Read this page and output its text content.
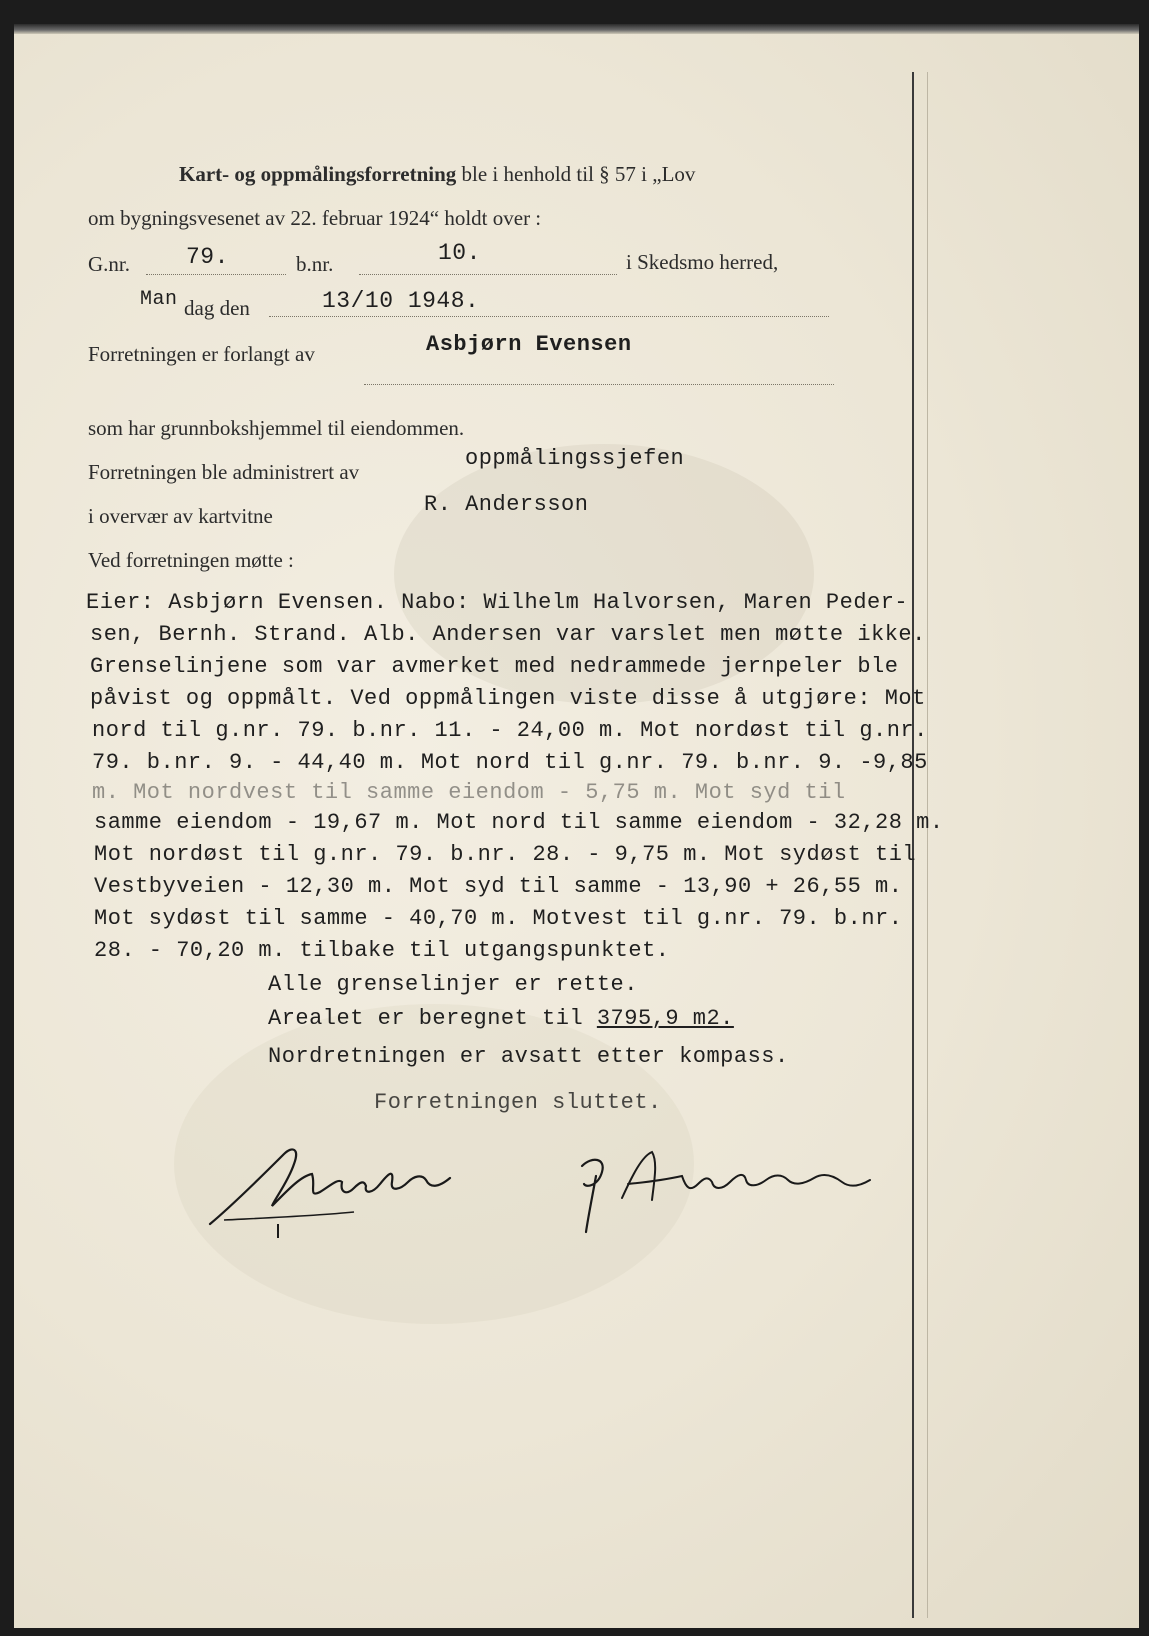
Kart- og oppmålingsforretning ble i henhold til § 57 i „Lov
om bygningsvesenet av 22. februar 1924“ holdt over :
G.nr. 79.	b.nr.	10.	i Skedsmo herred,
Man dag den	13/10 1948.
Forretningen er forlangt av	Asbjørn Evensen
som har grunnbokshjemmel til eiendommen.
Forretningen ble administrert av
oppmålingssjefen
i overvær av kartvitne	R. Andersson
Ved forretningen møtte :
Eier: Asbjørn Evensen. Nabo: Wilhelm Halvorsen, Maren Peder-
sen, Bernh. Strand. Alb. Andersen var varslet men møtte ikke.
Grenselinjene som var avmerket med nedrammede jernpeler ble
påvist og oppmålt. Ved oppmålingen viste disse å utgjøre: Mot
nord til g.nr. 79. b.nr. 11. - 24,00 m. Mot nordøst til g.nr.
79. b.nr. 9. - 44,40 m. Mot nord til g.nr. 79. b.nr. 9. -9,85
m. Mot nordvest til samme eiendom - 5,75 m. Mot syd til
samme eiendom - 19,67 m. Mot nord til samme eiendom - 32,28 m.
Mot nordøst til g.nr. 79. b.nr. 28. - 9,75 m. Mot sydøst til
Vestbyveien - 12,30 m. Mot syd til samme - 13,90 + 26,55 m.
Mot sydøst til samme - 40,70 m. Motvest til g.nr. 79. b.nr.
28. - 70,20 m. tilbake til utgangspunktet.
Alle grenselinjer er rette.
Arealet er beregnet til 3795,9 m2.
Nordretningen er avsatt etter kompass.
Forretningen sluttet.
